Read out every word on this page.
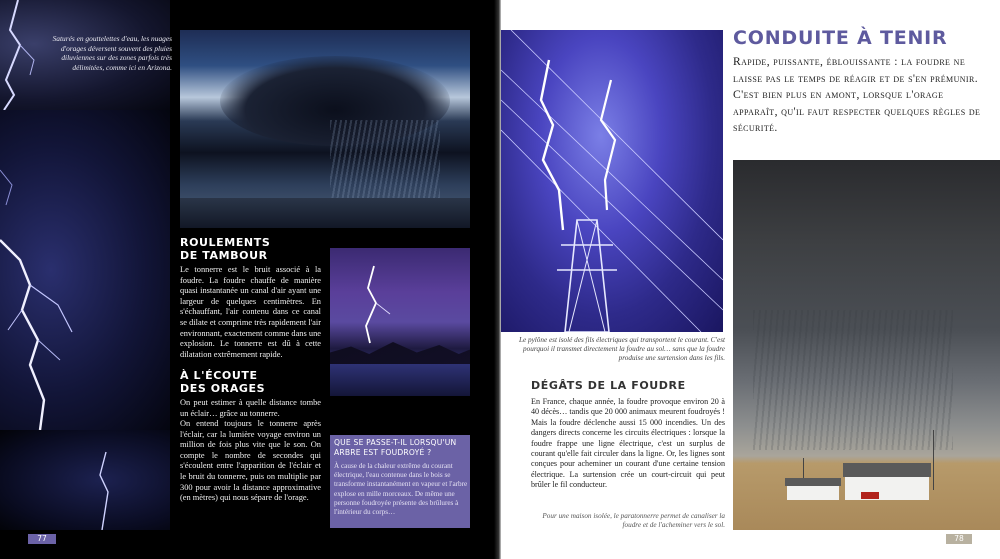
Saturés en gouttelettes d'eau, les nuages d'orages déversent souvent des pluies diluviennes sur des zones parfois très délimitées, comme ici en Arizona.

ROULEMENTS
DE TAMBOUR

Le tonnerre est le bruit associé à la foudre. La foudre chauffe de manière quasi instantanée un canal d'air ayant une largeur de quelques centimètres. En s'échauffant, l'air contenu dans ce canal se dilate et comprime très rapidement l'air environnant, exactement comme dans une explosion. Le tonnerre est dû à cette dilatation extrêmement rapide.

À L'ÉCOUTE
DES ORAGES

On peut estimer à quelle distance tombe un éclair… grâce au tonnerre.

On entend toujours le tonnerre après l'éclair, car la lumière voyage environ un million de fois plus vite que le son. On compte le nombre de secondes qui s'écoulent entre l'apparition de l'éclair et le bruit du tonnerre, puis on multiplie par 300 pour avoir la distance approximative (en mètres) qui nous sépare de l'orage.

QUE SE PASSE-T-IL LORSQU'UN ARBRE EST FOUDROYÉ ?

À cause de la chaleur extrême du courant électrique, l'eau contenue dans le bois se transforme instantanément en vapeur et l'arbre explose en mille morceaux. De même une personne foudroyée présente des brûlures à l'intérieur du corps…

77

Le pylône est isolé des fils électriques qui transportent le courant. C'est pourquoi il transmet directement la foudre au sol… sans que la foudre produise une surtension dans les fils.

CONDUITE À TENIR

Rapide, puissante, éblouissante : la foudre ne laisse pas le temps de réagir et de s'en prémunir. C'est bien plus en amont, lorsque l'orage apparaît, qu'il faut respecter quelques règles de sécurité.

DÉGÂTS DE LA FOUDRE

En France, chaque année, la foudre provoque environ 20 à 40 décès… tandis que 20 000 animaux meurent foudroyés ! Mais la foudre déclenche aussi 15 000 incendies. Un des dangers directs concerne les circuits électriques : lorsque la foudre frappe une ligne électrique, c'est un surplus de courant qu'elle fait circuler dans la ligne. Or, les lignes sont conçues pour acheminer un courant d'une certaine tension électrique. La surtension crée un court-circuit qui peut brûler le fil conducteur.

Pour une maison isolée, le paratonnerre permet de canaliser la foudre et de l'acheminer vers le sol.

78
